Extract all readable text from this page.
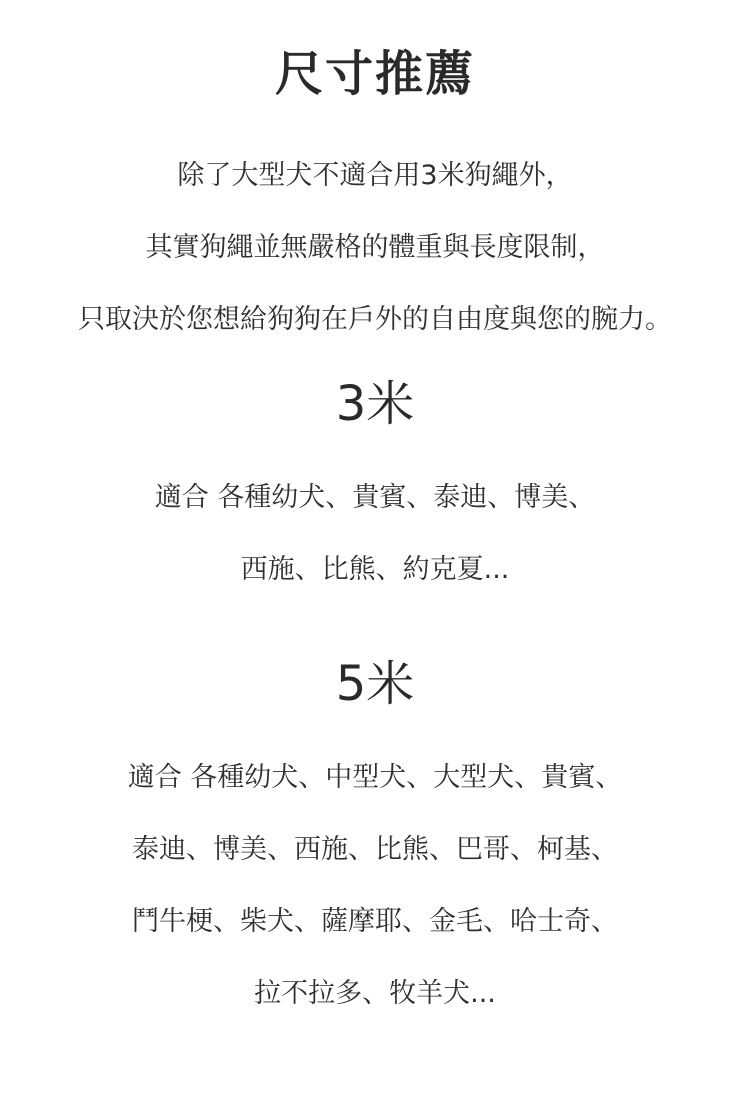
尺寸推薦
除了大型犬不適合用3米狗繩外，
其實狗繩並無嚴格的體重與長度限制，
只取決於您想給狗狗在戶外的自由度與您的腕力。
3米
適合 各種幼犬、貴賓、泰迪、博美、
西施、比熊、約克夏...
5米
適合 各種幼犬、中型犬、大型犬、貴賓、
泰迪、博美、西施、比熊、巴哥、柯基、
鬥牛梗、柴犬、薩摩耶、金毛、哈士奇、
拉不拉多、牧羊犬...
